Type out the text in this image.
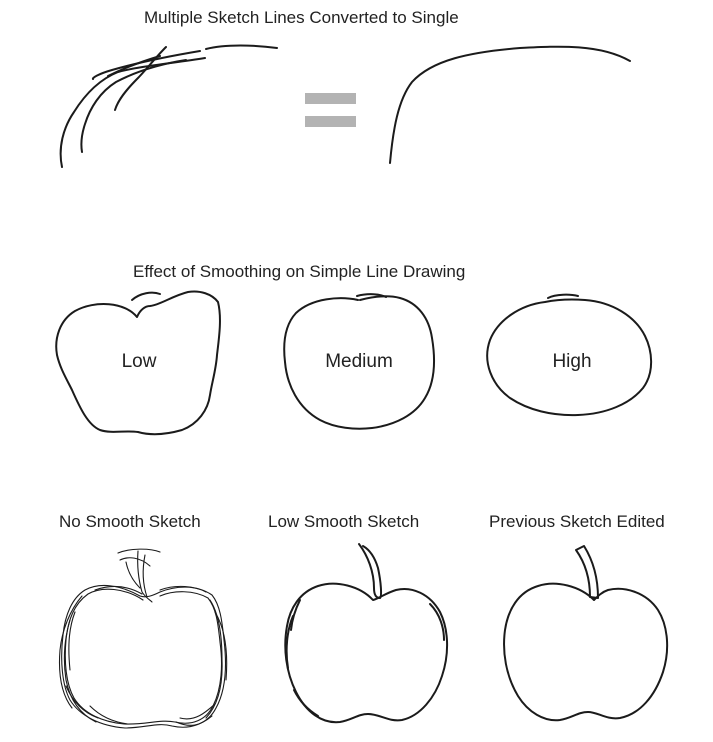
Multiple Sketch Lines Converted to Single
Effect of Smoothing on Simple Line Drawing
No Smooth Sketch	Low Smooth Sketch	Previous Sketch Edited
Low	Medium	High
